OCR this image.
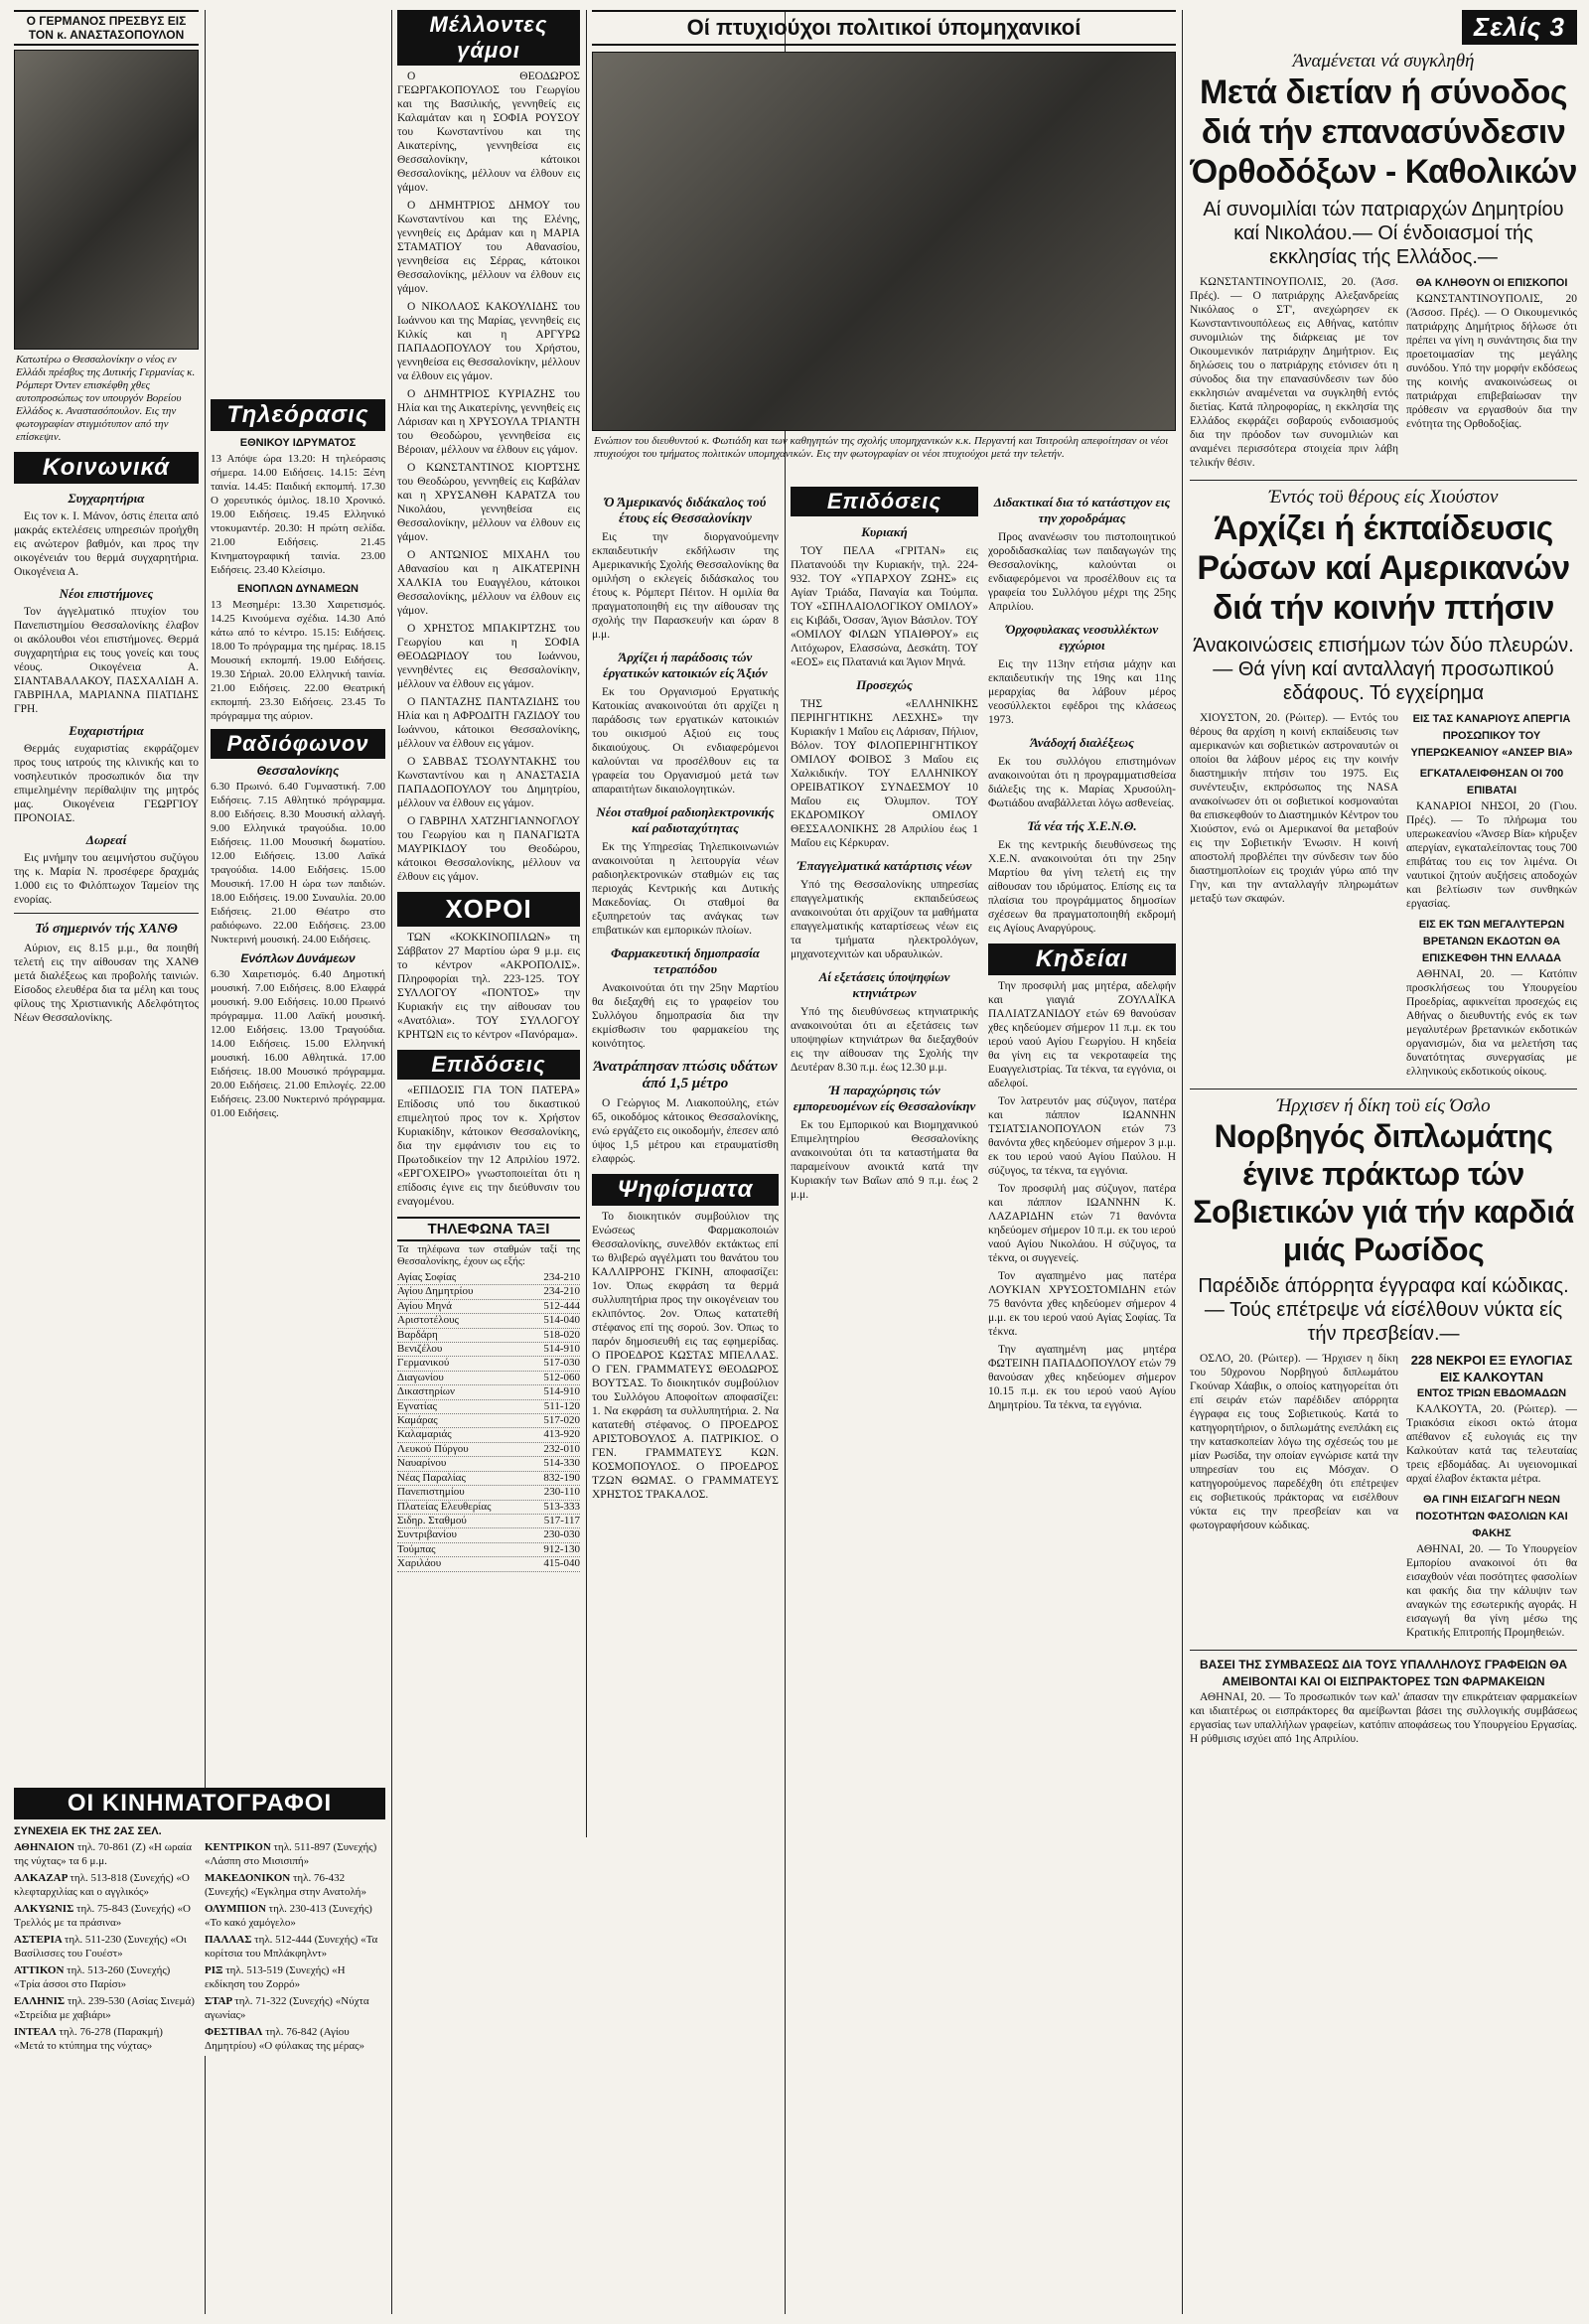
Ο ΓΕΡΜΑΝΟΣ ΠΡΕΣΒΥΣ ΕΙΣ ΤΟΝ κ. ΑΝΑΣΤΑΣΟΠΟΥΛΟΝ
Κατωτέρω ο Θεσσαλονίκην ο νέος εν Ελλάδι πρέσβυς της Δυτικής Γερμανίας κ. Ρόμπερτ Όντεν επισκέφθη χθες αυτοπροσώπως τον υπουργόν Βορείου Ελλάδος κ. Αναστασόπουλον. Εις την φωτογραφίαν στιγμιότυπον από την επίσκεψιν.
Κοινωνικά
Συγχαρητήρια

Εις τον κ. Ι. Μάνον, όστις έπειτα από μακράς εκτελέσεις υπηρεσιών προήχθη εις ανώτερον βαθμόν, και προς την οικογένειάν του θερμά συγχαρητήρια. Οικογένεια Α.

Νέοι επιστήμονες

Τον άγγελματικό πτυχίον του Πανεπιστημίου Θεσσαλονίκης έλαβον οι ακόλουθοι νέοι επιστήμονες. Θερμά συγχαρητήρια εις τους γονείς και τους νέους. Οικογένεια Α. ΣΙΑΝΤΑΒΑΛΑΚΟΥ, ΠΑΣΧΑΛΙΔΗ Α. ΓΑΒΡΙΗΛΑ, ΜΑΡΙΑΝΝΑ ΠΙΑΤΙΔΗΣ ΓΡΗ.

Ευχαριστήρια

Θερμάς ευχαριστίας εκφράζομεν προς τους ιατρούς της κλινικής και το νοσηλευτικόν προσωπικόν δια την επιμελημένην περίθαλψιν της μητρός μας. Οικογένεια ΓΕΩΡΓΙΟΥ ΠΡΟΝΟΙΑΣ.

Δωρεαί

Εις μνήμην του αειμνήστου συζύγου της κ. Μαρία Ν. προσέφερε δραχμάς 1.000 εις το Φιλόπτωχον Ταμείον της ενορίας.

Τό σημερινόν τής ΧΑΝΘ

Αύριον, εις 8.15 μ.μ., θα ποιηθή τελετή εις την αίθουσαν της ΧΑΝΘ μετά διαλέξεως και προβολής ταινιών. Είσοδος ελευθέρα δια τα μέλη και τους φίλους της Χριστιανικής Αδελφότητος Νέων Θεσσαλονίκης.

Τηλεόρασις
ΕΘΝΙΚΟΥ ΙΔΡΥΜΑΤΟΣ
13 Απόψε ώρα 13.20: Η τηλεόρασις σήμερα. 14.00 Ειδήσεις. 14.15: Ξένη ταινία. 14.45: Παιδική εκπομπή. 17.30 Ο χορευτικός όμιλος. 18.10 Χρονικό. 19.00 Ειδήσεις. 19.45 Ελληνικό ντοκυμαντέρ. 20.30: Η πρώτη σελίδα. 21.00 Ειδήσεις. 21.45 Κινηματογραφική ταινία. 23.00 Ειδήσεις. 23.40 Κλείσιμο.
ΕΝΟΠΛΩΝ ΔΥΝΑΜΕΩΝ
13 Μεσημέρι: 13.30 Χαιρετισμός. 14.25 Κινούμενα σχέδια. 14.30 Από κάτω από το κέντρο. 15.15: Ειδήσεις. 18.00 Το πρόγραμμα της ημέρας. 18.15 Μουσική εκπομπή. 19.00 Ειδήσεις. 19.30 Σήριαλ. 20.00 Ελληνική ταινία. 21.00 Ειδήσεις. 22.00 Θεατρική εκπομπή. 23.30 Ειδήσεις. 23.45 Το πρόγραμμα της αύριον.
Ραδιόφωνον
Θεσσαλονίκης
6.30 Πρωινό. 6.40 Γυμναστική. 7.00 Ειδήσεις. 7.15 Αθλητικό πρόγραμμα. 8.00 Ειδήσεις. 8.30 Μουσική αλλαγή. 9.00 Ελληνικά τραγούδια. 10.00 Ειδήσεις. 11.00 Μουσική δωματίου. 12.00 Ειδήσεις. 13.00 Λαϊκά τραγούδια. 14.00 Ειδήσεις. 15.00 Μουσική. 17.00 Η ώρα των παιδιών. 18.00 Ειδήσεις. 19.00 Συναυλία. 20.00 Ειδήσεις. 21.00 Θέατρο στο ραδιόφωνο. 22.00 Ειδήσεις. 23.00 Νυκτερινή μουσική. 24.00 Ειδήσεις.
Ενόπλων Δυνάμεων
6.30 Χαιρετισμός. 6.40 Δημοτική μουσική. 7.00 Ειδήσεις. 8.00 Ελαφρά μουσική. 9.00 Ειδήσεις. 10.00 Πρωινό πρόγραμμα. 11.00 Λαϊκή μουσική. 12.00 Ειδήσεις. 13.00 Τραγούδια. 14.00 Ειδήσεις. 15.00 Ελληνική μουσική. 16.00 Αθλητικά. 17.00 Ειδήσεις. 18.00 Μουσικό πρόγραμμα. 20.00 Ειδήσεις. 21.00 Επιλογές. 22.00 Ειδήσεις. 23.00 Νυκτερινό πρόγραμμα. 01.00 Ειδήσεις.
Μέλλοντες γάμοι

Ο ΘΕΟΔΩΡΟΣ ΓΕΩΡΓΑΚΟΠΟΥΛΟΣ του Γεωργίου και της Βασιλικής, γεννηθείς εις Καλαμάταν και η ΣΟΦΙΑ ΡΟΥΣΟΥ του Κωνσταντίνου και της Αικατερίνης, γεννηθείσα εις Θεσσαλονίκην, κάτοικοι Θεσσαλονίκης, μέλλουν να έλθουν εις γάμον.

Ο ΔΗΜΗΤΡΙΟΣ ΔΗΜΟΥ του Κωνσταντίνου και της Ελένης, γεννηθείς εις Δράμαν και η ΜΑΡΙΑ ΣΤΑΜΑΤΙΟΥ του Αθανασίου, γεννηθείσα εις Σέρρας, κάτοικοι Θεσσαλονίκης, μέλλουν να έλθουν εις γάμον.

Ο ΝΙΚΟΛΑΟΣ ΚΑΚΟΥΛΙΔΗΣ του Ιωάννου και της Μαρίας, γεννηθείς εις Κιλκίς και η ΑΡΓΥΡΩ ΠΑΠΑΔΟΠΟΥΛΟΥ του Χρήστου, γεννηθείσα εις Θεσσαλονίκην, μέλλουν να έλθουν εις γάμον.

Ο ΔΗΜΗΤΡΙΟΣ ΚΥΡΙΑΖΗΣ του Ηλία και της Αικατερίνης, γεννηθείς εις Λάρισαν και η ΧΡΥΣΟΥΛΑ ΤΡΙΑΝΤΗ του Θεοδώρου, γεννηθείσα εις Βέροιαν, μέλλουν να έλθουν εις γάμον.

Ο ΚΩΝΣΤΑΝΤΙΝΟΣ ΚΙΟΡΤΣΗΣ του Θεοδώρου, γεννηθείς εις Καβάλαν και η ΧΡΥΣΑΝΘΗ ΚΑΡΑΤΖΑ του Νικολάου, γεννηθείσα εις Θεσσαλονίκην, μέλλουν να έλθουν εις γάμον.

Ο ΑΝΤΩΝΙΟΣ ΜΙΧΑΗΛ του Αθανασίου και η ΑΙΚΑΤΕΡΙΝΗ ΧΑΛΚΙΑ του Ευαγγέλου, κάτοικοι Θεσσαλονίκης, μέλλουν να έλθουν εις γάμον.

Ο ΧΡΗΣΤΟΣ ΜΠΑΚΙΡΤΖΗΣ του Γεωργίου και η ΣΟΦΙΑ ΘΕΟΔΩΡΙΔΟΥ του Ιωάννου, γεννηθέντες εις Θεσσαλονίκην, μέλλουν να έλθουν εις γάμον.

Ο ΠΑΝΤΑΖΗΣ ΠΑΝΤΑΖΙΔΗΣ του Ηλία και η ΑΦΡΟΔΙΤΗ ΓΑΖΙΔΟΥ του Ιωάννου, κάτοικοι Θεσσαλονίκης, μέλλουν να έλθουν εις γάμον.

Ο ΣΑΒΒΑΣ ΤΣΟΛΥΝΤΑΚΗΣ του Κωνσταντίνου και η ΑΝΑΣΤΑΣΙΑ ΠΑΠΑΔΟΠΟΥΛΟΥ του Δημητρίου, μέλλουν να έλθουν εις γάμον.

Ο ΓΑΒΡΙΗΛ ΧΑΤΖΗΓΙΑΝΝΟΓΛΟΥ του Γεωργίου και η ΠΑΝΑΓΙΩΤΑ ΜΑΥΡΙΚΙΔΟΥ του Θεοδώρου, κάτοικοι Θεσσαλονίκης, μέλλουν να έλθουν εις γάμον.

ΧΟΡΟΙ

ΤΩΝ «ΚΟΚΚΙΝΟΠΙΛΩΝ» τη Σάββατον 27 Μαρτίου ώρα 9 μ.μ. εις το κέντρον «ΑΚΡΟΠΟΛΙΣ». Πληροφορίαι τηλ. 223-125. ΤΟΥ ΣΥΛΛΟΓΟΥ «ΠΟΝΤΟΣ» την Κυριακήν εις την αίθουσαν του «Ανατόλια». ΤΟΥ ΣΥΛΛΟΓΟΥ ΚΡΗΤΩΝ εις το κέντρον «Πανόραμα».

Επιδόσεις

«ΕΠΙΔΟΣΙΣ ΓΙΑ ΤΟΝ ΠΑΤΕΡΑ» Επίδοσις υπό του δικαστικού επιμελητού προς τον κ. Χρήστον Κυριακίδην, κάτοικον Θεσσαλονίκης, δια την εμφάνισιν του εις το Πρωτοδικείον την 12 Απριλίου 1972. «ΕΡΓΟΧΕΙΡΟ» γνωστοποιείται ότι η επίδοσις έγινε εις την διεύθυνσιν του εναγομένου.

ΤΗΛΕΦΩΝΑ ΤΑΞΙ
Τα τηλέφωνα των σταθμών ταξί της Θεσσαλονίκης, έχουν ως εξής:
Αγίας Σοφίας	234-210
Αγίου Δημητρίου	234-210
Αγίου Μηνά	512-444
Αριστοτέλους	514-040
Βαρδάρη	518-020
Βενιζέλου	514-910
Γερμανικού	517-030
Διαγωνίου	512-060
Δικαστηρίων	514-910
Εγνατίας	511-120
Καμάρας	517-020
Καλαμαριάς	413-920
Λευκού Πύργου	232-010
Ναυαρίνου	514-330
Νέας Παραλίας	832-190
Πανεπιστημίου	230-110
Πλατείας Ελευθερίας	513-333
Σιδηρ. Σταθμού	517-117
Συντριβανίου	230-030
Τούμπας	912-130
Χαριλάου	415-040
Ό Άμερικανός διδάκαλος τού έτους είς Θεσσαλονίκην

Εις την διοργανούμενην εκπαιδευτικήν εκδήλωσιν της Αμερικανικής Σχολής Θεσσαλονίκης θα ομιλήση ο εκλεγείς διδάσκαλος του έτους κ. Ρόμπερτ Πέιτον. Η ομιλία θα πραγματοποιηθή εις την αίθουσαν της σχολής την Παρασκευήν και ώραν 8 μ.μ.

Άρχίζει ή παράδοσις τών έργατικών κατοικιών είς Άξιόν

Εκ του Οργανισμού Εργατικής Κατοικίας ανακοινούται ότι αρχίζει η παράδοσις των εργατικών κατοικιών του οικισμού Αξιού εις τους δικαιούχους. Οι ενδιαφερόμενοι καλούνται να προσέλθουν εις τα γραφεία του Οργανισμού μετά των απαραιτήτων δικαιολογητικών.

Νέοι σταθμοί ραδιοηλεκτρονικής καί ραδιοταχύτητας

Εκ της Υπηρεσίας Τηλεπικοινωνιών ανακοινούται η λειτουργία νέων ραδιοηλεκτρονικών σταθμών εις τας περιοχάς Κεντρικής και Δυτικής Μακεδονίας. Οι σταθμοί θα εξυπηρετούν τας ανάγκας των επιβατικών και εμπορικών πλοίων.

Φαρμακευτική δημοπρασία τετραπόδου

Ανακοινούται ότι την 25ην Μαρτίου θα διεξαχθή εις το γραφείον του Συλλόγου δημοπρασία δια την εκμίσθωσιν του φαρμακείου της κοινότητος.

Άνατράπησαν πτώσις υδάτων άπό 1,5 μέτρο

Ο Γεώργιος Μ. Λιακοπούλης, ετών 65, οικοδόμος κάτοικος Θεσσαλονίκης, ενώ εργάζετο εις οικοδομήν, έπεσεν από ύψος 1,5 μέτρου και ετραυματίσθη ελαφρώς.

Ψηφίσματα

Το διοικητικόν συμβούλιον της Ενώσεως Φαρμακοποιών Θεσσαλονίκης, συνελθόν εκτάκτως επί τω θλιβερώ αγγέλματι του θανάτου του ΚΑΛΛΙΡΡΟΗΣ ΓΚΙΝΗ, αποφασίζει: 1ον. Όπως εκφράση τα θερμά συλλυπητήρια προς την οικογένειαν του εκλιπόντος. 2ον. Όπως κατατεθή στέφανος επί της σορού. 3ον. Όπως το παρόν δημοσιευθή εις τας εφημερίδας. Ο ΠΡΟΕΔΡΟΣ ΚΩΣΤΑΣ ΜΠΕΛΛΑΣ. Ο ΓΕΝ. ΓΡΑΜΜΑΤΕΥΣ ΘΕΟΔΩΡΟΣ ΒΟΥΤΣΑΣ. Το διοικητικόν συμβούλιον του Συλλόγου Αποφοίτων αποφασίζει: 1. Να εκφράση τα συλλυπητήρια. 2. Να κατατεθή στέφανος. Ο ΠΡΟΕΔΡΟΣ ΑΡΙΣΤΟΒΟΥΛΟΣ Α. ΠΑΤΡΙΚΙΟΣ. Ο ΓΕΝ. ΓΡΑΜΜΑΤΕΥΣ ΚΩΝ. ΚΟΣΜΟΠΟΥΛΟΣ. Ο ΠΡΟΕΔΡΟΣ ΤΖΩΝ ΘΩΜΑΣ. Ο ΓΡΑΜΜΑΤΕΥΣ ΧΡΗΣΤΟΣ ΤΡΑΚΑΛΟΣ.

Οί πτυχιούχοι πολιτικοί ύπομηχανικοί
Ενώπιον του διευθυντού κ. Φωτιάδη και των καθηγητών της σχολής υπομηχανικών κ.κ. Περγαντή και Τσιτρούλη απεφοίτησαν οι νέοι πτυχιούχοι του τμήματος πολιτικών υπομηχανικών. Εις την φωτογραφίαν οι νέοι πτυχιούχοι μετά την τελετήν.
Επιδόσεις
Κυριακή

ΤΟΥ ΠΕΛΑ «ΓΡΙΤΑΝ» εις Πλατανούδι την Κυριακήν, τηλ. 224-932. ΤΟΥ «ΥΠΑΡΧΟΥ ΖΩΗΣ» εις Αγίαν Τριάδα, Παναγία και Τούμπα. ΤΟΥ «ΣΠΗΛΑΙΟΛΟΓΙΚΟΥ ΟΜΙΛΟΥ» εις Κιβάδι, Όσσαν, Άγιον Βάσιλον. ΤΟΥ «ΟΜΙΛΟΥ ΦΙΛΩΝ ΥΠΑΙΘΡΟΥ» εις Λιτόχωρον, Ελασσώνα, Δεσκάτη. ΤΟΥ «ΕΟΣ» εις Πλατανιά και Άγιον Μηνά.

Προσεχώς

ΤΗΣ «ΕΛΛΗΝΙΚΗΣ ΠΕΡΙΗΓΗΤΙΚΗΣ ΛΕΣΧΗΣ» την Κυριακήν 1 Μαΐου εις Λάρισαν, Πήλιον, Βόλον. ΤΟΥ ΦΙΛΟΠΕΡΙΗΓΗΤΙΚΟΥ ΟΜΙΛΟΥ ΦΟΙΒΟΣ 3 Μαΐου εις Χαλκιδικήν. ΤΟΥ ΕΛΛΗΝΙΚΟΥ ΟΡΕΙΒΑΤΙΚΟΥ ΣΥΝΔΕΣΜΟΥ 10 Μαΐου εις Όλυμπον. ΤΟΥ ΕΚΔΡΟΜΙΚΟΥ ΟΜΙΛΟΥ ΘΕΣΣΑΛΟΝΙΚΗΣ 28 Απριλίου έως 1 Μαΐου εις Κέρκυραν.

Έπαγγελματικά κατάρτισις νέων

Υπό της Θεσσαλονίκης υπηρεσίας επαγγελματικής εκπαιδεύσεως ανακοινούται ότι αρχίζουν τα μαθήματα επαγγελματικής καταρτίσεως νέων εις τα τμήματα ηλεκτρολόγων, μηχανοτεχνιτών και υδραυλικών.

Αί εξετάσεις ύποψηφίων κτηνιάτρων

Υπό της διευθύνσεως κτηνιατρικής ανακοινούται ότι αι εξετάσεις των υποψηφίων κτηνιάτρων θα διεξαχθούν εις την αίθουσαν της Σχολής την Δευτέραν 8.30 π.μ. έως 12.30 μ.μ.

Ή παραχώρησις τών εμπορευομένων είς Θεσσαλονίκην

Εκ του Εμπορικού και Βιομηχανικού Επιμελητηρίου Θεσσαλονίκης ανακοινούται ότι τα καταστήματα θα παραμείνουν ανοικτά κατά την Κυριακήν των Βαΐων από 9 π.μ. έως 2 μ.μ.

Διδακτικαί δια τό κατάστιχον εις την χοροδράμας

Προς ανανέωσιν του πιστοποιητικού χοροδιδασκαλίας των παιδαγωγών της Θεσσαλονίκης, καλούνται οι ενδιαφερόμενοι να προσέλθουν εις τα γραφεία του Συλλόγου μέχρι της 25ης Απριλίου.

Όρχοφυλακας νεοσυλλέκτων εγχώριοι

Εις την 113ην ετήσια μάχην και εκπαιδευτικήν της 19ης και 11ης μεραρχίας θα λάβουν μέρος νεοσύλλεκτοι εφέδροι της κλάσεως 1973.

Άνάδοχή διαλέξεως

Εκ του συλλόγου επιστημόνων ανακοινούται ότι η προγραμματισθείσα διάλεξις της κ. Μαρίας Χρυσούλη-Φωτιάδου αναβάλλεται λόγω ασθενείας.

Τά νέα τής Χ.Ε.Ν.Θ.

Εκ της κεντρικής διευθύνσεως της Χ.Ε.Ν. ανακοινούται ότι την 25ην Μαρτίου θα γίνη τελετή εις την αίθουσαν του ιδρύματος. Επίσης εις τα πλαίσια του προγράμματος δημοσίων σχέσεων θα πραγματοποιηθή εκδρομή εις Αγίους Αναργύρους.

Κηδείαι

Την προσφιλή μας μητέρα, αδελφήν και γιαγιά ΖΟΥΛΑΪΚΑ ΠΑΛΙΑΤΖΑΝΙΔΟΥ ετών 69 θανούσαν χθες κηδεύομεν σήμερον 11 π.μ. εκ του ιερού ναού Αγίου Γεωργίου. Η κηδεία θα γίνη εις τα νεκροταφεία της Ευαγγελιστρίας. Τα τέκνα, τα εγγόνια, οι αδελφοί.

Τον λατρευτόν μας σύζυγον, πατέρα και πάππον ΙΩΑΝΝΗΝ ΤΣΙΑΤΣΙΑΝΟΠΟΥΛΟΝ ετών 73 θανόντα χθες κηδεύομεν σήμερον 3 μ.μ. εκ του ιερού ναού Αγίου Παύλου. Η σύζυγος, τα τέκνα, τα εγγόνια.

Τον προσφιλή μας σύζυγον, πατέρα και πάππον ΙΩΑΝΝΗΝ Κ. ΛΑΖΑΡΙΔΗΝ ετών 71 θανόντα κηδεύομεν σήμερον 10 π.μ. εκ του ιερού ναού Αγίου Νικολάου. Η σύζυγος, τα τέκνα, οι συγγενείς.

Τον αγαπημένο μας πατέρα ΛΟΥΚΙΑΝ ΧΡΥΣΟΣΤΟΜΙΔΗΝ ετών 75 θανόντα χθες κηδεύομεν σήμερον 4 μ.μ. εκ του ιερού ναού Αγίας Σοφίας. Τα τέκνα.

Την αγαπημένη μας μητέρα ΦΩΤΕΙΝΗ ΠΑΠΑΔΟΠΟΥΛΟΥ ετών 79 θανούσαν χθες κηδεύομεν σήμερον 10.15 π.μ. εκ του ιερού ναού Αγίου Δημητρίου. Τα τέκνα, τα εγγόνια.

ΟΙ ΚΙΝΗΜΑΤΟΓΡΑΦΟΙ
ΣΥΝΕΧΕΙΑ ΕΚ ΤΗΣ 2ΑΣ ΣΕΛ.
ΑΘΗΝΑΙΟΝ τηλ. 70-861 (Ζ) «Η ωραία της νύχτας» τα 6 μ.μ.
ΑΛΚΑΖΑΡ τηλ. 513-818 (Συνεχής) «Ο κλεφταρχιλίας και ο αγγλικός»
ΑΛΚΥΩΝΙΣ τηλ. 75-843 (Συνεχής) «Ο Τρελλός με τα πράσινα»
ΑΣΤΕΡΙΑ τηλ. 511-230 (Συνεχής) «Οι Βασίλισσες του Γουέστ»
ΑΤΤΙΚΟΝ τηλ. 513-260 (Συνεχής) «Τρία άσσοι στο Παρίσι»
ΕΛΛΗΝΙΣ τηλ. 239-530 (Ασίας Σινεμά) «Στρείδια με χαβιάρι»
ΙΝΤΕΑΛ τηλ. 76-278 (Παρακμή) «Μετά το κτύπημα της νύχτας»
ΚΕΝΤΡΙΚΟΝ τηλ. 511-897 (Συνεχής) «Λάσπη στο Μισισιπή»
ΜΑΚΕΔΟΝΙΚΟΝ τηλ. 76-432 (Συνεχής) «Έγκλημα στην Ανατολή»
ΟΛΥΜΠΙΟΝ τηλ. 230-413 (Συνεχής) «Το κακό χαμόγελο»
ΠΑΛΛΑΣ τηλ. 512-444 (Συνεχής) «Τα κορίτσια του Μπλάκφηλντ»
ΡΙΞ τηλ. 513-519 (Συνεχής) «Η εκδίκηση του Ζορρό»
ΣΤΑΡ τηλ. 71-322 (Συνεχής) «Νύχτα αγωνίας»
ΦΕΣΤΙΒΑΛ τηλ. 76-842 (Αγίου Δημητρίου) «Ο φύλακας της μέρας»
Σελίς 3
Άναμένεται νά συγκληθή
Μετά διετίαν ή σύνοδος διά τήν επανασύνδεσιν Όρθοδόξων - Καθολικών
Αί συνομιλίαι τών πατριαρχών Δημητρίου καί Νικολάου.— Οί ένδοιασμοί τής εκκλησίας τής Ελλάδος.—

ΚΩΝΣΤΑΝΤΙΝΟΥΠΟΛΙΣ, 20. (Άσσ. Πρές). — Ο πατριάρχης Αλεξανδρείας Νικόλαος ο ΣΤ', ανεχώρησεν εκ Κωνσταντινουπόλεως εις Αθήνας, κατόπιν συνομιλιών της διάρκειας με τον Οικουμενικόν πατριάρχην Δημήτριον. Εις δηλώσεις του ο πατριάρχης ετόνισεν ότι η σύνοδος δια την επανασύνδεσιν των δύο εκκλησιών αναμένεται να συγκληθή εντός διετίας. Κατά πληροφορίας, η εκκλησία της Ελλάδος εκφράζει σοβαρούς ενδοιασμούς δια την πρόοδον των συνομιλιών και αναμένει περισσότερα στοιχεία πριν λάβη τελικήν θέσιν.

ΘΑ ΚΛΗΘΟΥΝ ΟΙ ΕΠΙΣΚΟΠΟΙ

ΚΩΝΣΤΑΝΤΙΝΟΥΠΟΛΙΣ, 20 (Άσσοσ. Πρές). — Ο Οικουμενικός πατριάρχης Δημήτριος δήλωσε ότι πρέπει να γίνη η συνάντησις δια την προετοιμασίαν της μεγάλης συνόδου. Υπό την μορφήν εκδόσεως της κοινής ανακοινώσεως οι πατριάρχαι επιβεβαίωσαν την πρόθεσιν να εργασθούν δια την ενότητα της Ορθοδοξίας.

Έντός τοϋ θέρους είς Χιούστον
Άρχίζει ή έκπαίδευσις Ρώσων καί Αμερικανών διά τήν κοινήν πτήσιν
Άνακοινώσεις επισήμων τών δύο πλευρών.— Θά γίνη καί ανταλλαγή προσωπικού εδάφους. Τό εγχείρημα

ΧΙΟΥΣΤΟΝ, 20. (Ρώιτερ). — Εντός του θέρους θα αρχίση η κοινή εκπαίδευσις των αμερικανών και σοβιετικών αστροναυτών οι οποίοι θα λάβουν μέρος εις την κοινήν διαστημικήν πτήσιν του 1975. Εις συνέντευξιν, εκπρόσωπος της NASA ανακοίνωσεν ότι οι σοβιετικοί κοσμοναύται θα επισκεφθούν το Διαστημικόν Κέντρον του Χιούστον, ενώ οι Αμερικανοί θα μεταβούν εις την Σοβιετικήν Ένωσιν. Η κοινή αποστολή προβλέπει την σύνδεσιν των δύο διαστημοπλοίων εις τροχιάν γύρω από την Γην, και την ανταλλαγήν πληρωμάτων μεταξύ των σκαφών.

ΕΙΣ ΤΑΣ ΚΑΝΑΡΙΟΥΣ ΑΠΕΡΓΙΑ ΠΡΟΣΩΠΙΚΟΥ ΤΟΥ ΥΠΕΡΩΚΕΑΝΙΟΥ «ΑΝΣΕΡ ΒΙΑ»
ΕΓΚΑΤΑΛΕΙΦΘΗΣΑΝ ΟΙ 700 ΕΠΙΒΑΤΑΙ

ΚΑΝΑΡΙΟΙ ΝΗΣΟΙ, 20 (Γιου. Πρές). — Το πλήρωμα του υπερωκεανίου «Άνσερ Βία» κήρυξεν απεργίαν, εγκαταλείποντας τους 700 επιβάτας του εις τον λιμένα. Οι ναυτικοί ζητούν αυξήσεις αποδοχών και βελτίωσιν των συνθηκών εργασίας.

ΕΙΣ ΕΚ ΤΩΝ ΜΕΓΑΛΥΤΕΡΩΝ ΒΡΕΤΑΝΩΝ ΕΚΔΟΤΩΝ ΘΑ ΕΠΙΣΚΕΦΘΗ ΤΗΝ ΕΛΛΑΔΑ

ΑΘΗΝΑΙ, 20. — Κατόπιν προσκλήσεως του Υπουργείου Προεδρίας, αφικνείται προσεχώς εις Αθήνας ο διευθυντής ενός εκ των μεγαλυτέρων βρετανικών εκδοτικών οργανισμών, δια να μελετήση τας δυνατότητας συνεργασίας με ελληνικούς εκδοτικούς οίκους.

Ήρχισεν ή δίκη τοϋ είς Όσλο
Νορβηγός διπλωμάτης έγινε πράκτωρ τών Σοβιετικών γιά τήν καρδιά μιάς Ρωσίδος
Παρέδιδε άπόρρητα έγγραφα καί κώδικας.— Τούς επέτρεψε νά είσέλθουν νύκτα είς τήν πρεσβείαν.—

ΟΣΛΟ, 20. (Ρώιτερ). — Ήρχισεν η δίκη του 50χρονου Νορβηγού διπλωμάτου Γκούναρ Χάαβικ, ο οποίος κατηγορείται ότι επί σειράν ετών παρέδιδεν απόρρητα έγγραφα εις τους Σοβιετικούς. Κατά το κατηγορητήριον, ο διπλωμάτης ενεπλάκη εις την κατασκοπείαν λόγω της σχέσεώς του με μίαν Ρωσίδα, την οποίαν εγνώρισε κατά την υπηρεσίαν του εις Μόσχαν. Ο κατηγορούμενος παρεδέχθη ότι επέτρεψεν εις σοβιετικούς πράκτορας να εισέλθουν νύκτα εις την πρεσβείαν και να φωτογραφήσουν κώδικας.

228 ΝΕΚΡΟΙ ΕΞ ΕΥΛΟΓΙΑΣ ΕΙΣ ΚΑΛΚΟΥΤΑΝ
ΕΝΤΟΣ ΤΡΙΩΝ ΕΒΔΟΜΑΔΩΝ

ΚΑΛΚΟΥΤΑ, 20. (Ρώιτερ). — Τριακόσια είκοσι οκτώ άτομα απέθανον εξ ευλογιάς εις την Καλκούταν κατά τας τελευταίας τρεις εβδομάδας. Αι υγειονομικαί αρχαί έλαβον έκτακτα μέτρα.

ΘΑ ΓΙΝΗ ΕΙΣΑΓΩΓΗ ΝΕΩΝ ΠΟΣΟΤΗΤΩΝ ΦΑΣΟΛΙΩΝ ΚΑΙ ΦΑΚΗΣ

ΑΘΗΝΑΙ, 20. — Το Υπουργείον Εμπορίου ανακοινοί ότι θα εισαχθούν νέαι ποσότητες φασολίων και φακής δια την κάλυψιν των αναγκών της εσωτερικής αγοράς. Η εισαγωγή θα γίνη μέσω της Κρατικής Επιτροπής Προμηθειών.

ΒΑΣΕΙ ΤΗΣ ΣΥΜΒΑΣΕΩΣ ΔΙΑ ΤΟΥΣ ΥΠΑΛΛΗΛΟΥΣ ΓΡΑΦΕΙΩΝ ΘΑ ΑΜΕΙΒΟΝΤΑΙ ΚΑΙ ΟΙ ΕΙΣΠΡΑΚΤΟΡΕΣ ΤΩΝ ΦΑΡΜΑΚΕΙΩΝ

ΑΘΗΝΑΙ, 20. — Το προσωπικόν των καλ' άπασαν την επικράτειαν φαρμακείων και ιδιαιτέρως οι εισπράκτορες θα αμείβωνται βάσει της συλλογικής συμβάσεως εργασίας των υπαλλήλων γραφείων, κατόπιν αποφάσεως του Υπουργείου Εργασίας. Η ρύθμισις ισχύει από 1ης Απριλίου.
